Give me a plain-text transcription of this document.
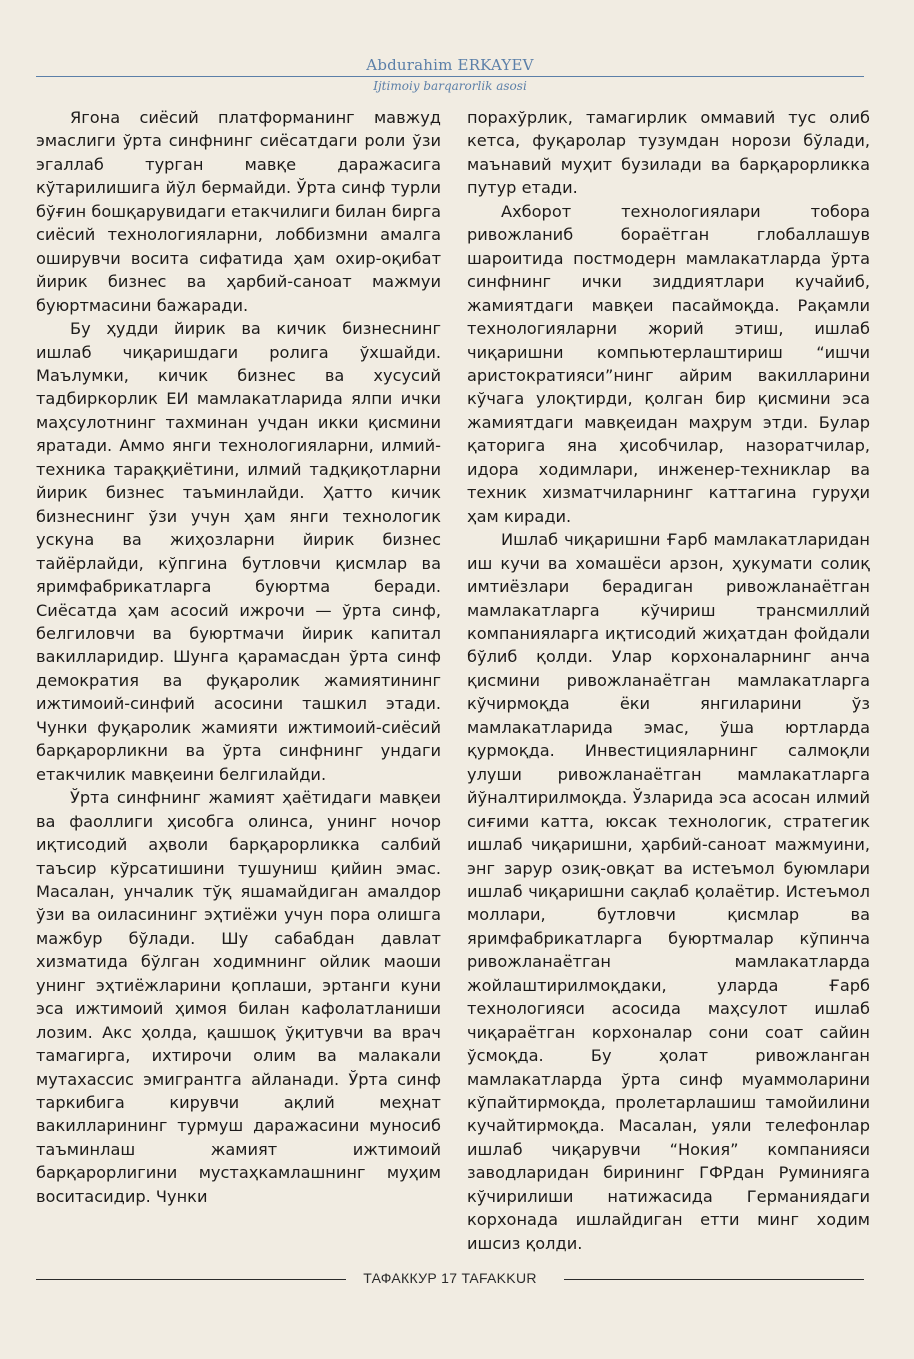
Abdurahim ERKAYEV
Ijtimoiy barqarorlik asosi

Ягона сиёсий платформанинг мавжуд эмаслиги ўрта синфнинг сиёсатдаги роли ўзи эгаллаб турган мавқе даражасига кўтарилишига йўл бермайди. Ўрта синф турли бўғин бошқарувидаги етакчилиги билан бирга сиёсий технологияларни, лоббизмни амалга оширувчи восита сифатида ҳам охир-оқибат йирик бизнес ва ҳарбий-саноат мажмуи буюртмасини бажаради.

Бу ҳудди йирик ва кичик бизнеснинг ишлаб чиқаришдаги ролига ўхшайди. Маълумки, кичик бизнес ва хусусий тадбиркорлик ЕИ мамлакатларида ялпи ички маҳсулотнинг тахминан учдан икки қисмини яратади. Аммо янги технологияларни, илмий-техника тараққиётини, илмий тадқиқотларни йирик бизнес таъминлайди. Ҳатто кичик бизнеснинг ўзи учун ҳам янги технологик ускуна ва жиҳозларни йирик бизнес тайёрлайди, кўпгина бутловчи қисмлар ва яримфабрикатларга буюртма беради. Сиёсатда ҳам асосий ижрочи — ўрта синф, белгиловчи ва буюртмачи йирик капитал вакилларидир. Шунга қарамасдан ўрта синф демократия ва фуқаролик жамиятининг ижтимоий-синфий асосини ташкил этади. Чунки фуқаролик жамияти ижтимоий-сиёсий барқарорликни ва ўрта синфнинг ундаги етакчилик мавқеини белгилайди.

Ўрта синфнинг жамият ҳаётидаги мавқеи ва фаоллиги ҳисобга олинса, унинг ночор иқтисодий аҳволи барқарорликка салбий таъсир кўрсатишини тушуниш қийин эмас. Масалан, унчалик тўқ яшамайдиган амалдор ўзи ва оиласининг эҳтиёжи учун пора олишга мажбур бўлади. Шу сабабдан давлат хизматида бўлган ходимнинг ойлик маоши унинг эҳтиёжларини қоплаши, эртанги куни эса ижтимоий ҳимоя билан кафолатланиши лозим. Акс ҳолда, қашшоқ ўқитувчи ва врач тамагирга, ихтирочи олим ва малакали мутахассис эмигрантга айланади. Ўрта синф таркибига кирувчи ақлий меҳнат вакилларининг турмуш даражасини муносиб таъминлаш жамият ижтимоий барқарорлигини мустаҳкамлашнинг муҳим воситасидир. Чунки

порахўрлик, тамагирлик оммавий тус олиб кетса, фуқаролар тузумдан норози бўлади, маънавий муҳит бузилади ва барқарорликка путур етади.

Ахборот технологиялари тобора ривожланиб бораётган глобаллашув шароитида постмодерн мамлакатларда ўрта синфнинг ички зиддиятлари кучайиб, жамиятдаги мавқеи пасаймоқда. Рақамли технологияларни жорий этиш, ишлаб чиқаришни компьютерлаштириш “ишчи аристократияси”нинг айрим вакилларини кўчага улоқтирди, қолган бир қисмини эса жамиятдаги мавқеидан маҳрум этди. Булар қаторига яна ҳисобчилар, назоратчилар, идора ходимлари, инженер-техниклар ва техник хизматчиларнинг каттагина гуруҳи ҳам киради.

Ишлаб чиқаришни Ғарб мамлакатларидан иш кучи ва хомашёси арзон, ҳукумати солиқ имтиёзлари берадиган ривожланаётган мамлакатларга кўчириш трансмиллий компанияларга иқтисодий жиҳатдан фойдали бўлиб қолди. Улар корхоналарнинг анча қисмини ривожланаётган мамлакатларга кўчирмоқда ёки янгиларини ўз мамлакатларида эмас, ўша юртларда қурмоқда. Инвестицияларнинг салмоқли улуши ривожланаётган мамлакатларга йўналтирилмоқда. Ўзларида эса асосан илмий сиғими катта, юксак технологик, стратегик ишлаб чиқаришни, ҳарбий-саноат мажмуини, энг зарур озиқ-овқат ва истеъмол буюмлари ишлаб чиқаришни сақлаб қолаётир. Истеъмол моллари, бутловчи қисмлар ва яримфабрикатларга буюртмалар кўпинча ривожланаётган мамлакатларда жойлаштирилмоқдаки, уларда Ғарб технологияси асосида маҳсулот ишлаб чиқараётган корхоналар сони соат сайин ўсмоқда. Бу ҳолат ривожланган мамлакатларда ўрта синф муаммоларини кўпайтирмоқда, пролетарлашиш тамойилини кучайтирмоқда. Масалан, уяли телефонлар ишлаб чиқарувчи “Нокия” компанияси заводларидан бирининг ГФРдан Руминияга кўчирилиши натижасида Германиядаги корхонада ишлайдиган етти минг ходим ишсиз қолди.

ТАФАККУР 17 TAFAKKUR
